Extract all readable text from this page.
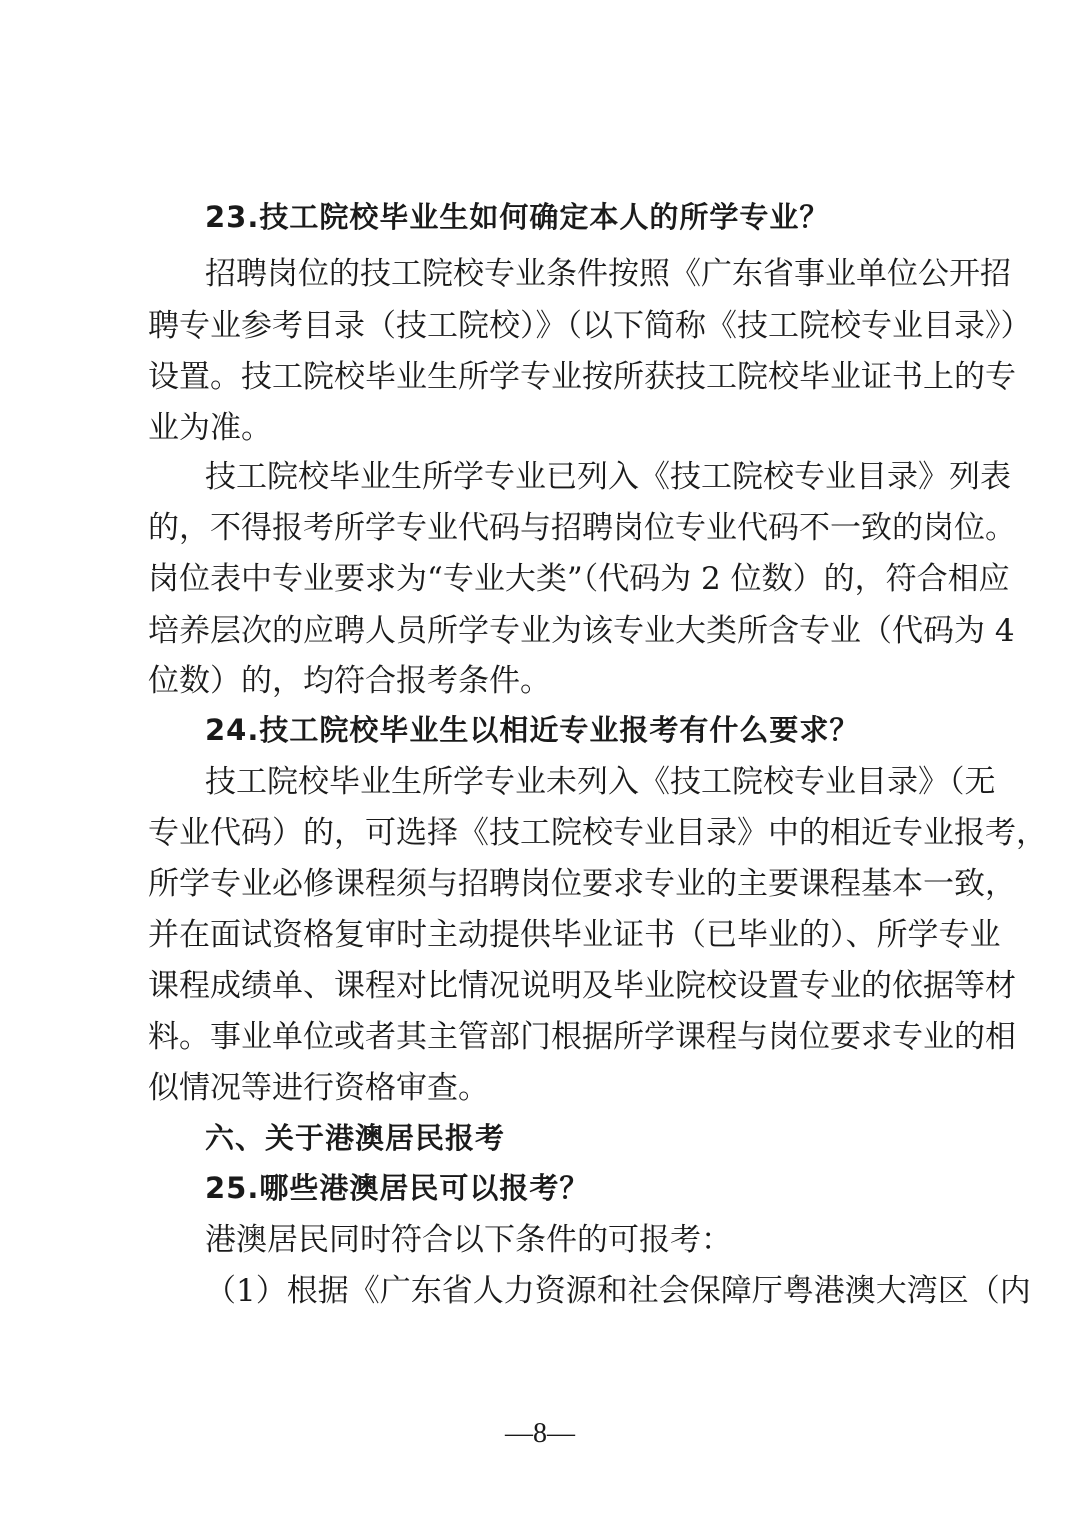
23.技工院校毕业生如何确定本人的所学专业？
招聘岗位的技工院校专业条件按照《广东省事业单位公开招
聘专业参考目录（技工院校）》（以下简称《技工院校专业目录》）
设置。技工院校毕业生所学专业按所获技工院校毕业证书上的专
业为准。
技工院校毕业生所学专业已列入《技工院校专业目录》列表
的，不得报考所学专业代码与招聘岗位专业代码不一致的岗位。
岗位表中专业要求为“专业大类”（代码为 2 位数）的，符合相应
培养层次的应聘人员所学专业为该专业大类所含专业（代码为 4
位数）的，均符合报考条件。
24.技工院校毕业生以相近专业报考有什么要求？
技工院校毕业生所学专业未列入《技工院校专业目录》（无
专业代码）的，可选择《技工院校专业目录》中的相近专业报考，
所学专业必修课程须与招聘岗位要求专业的主要课程基本一致，
并在面试资格复审时主动提供毕业证书（已毕业的）、所学专业
课程成绩单、课程对比情况说明及毕业院校设置专业的依据等材
料。事业单位或者其主管部门根据所学课程与岗位要求专业的相
似情况等进行资格审查。
六、关于港澳居民报考
25.哪些港澳居民可以报考？
港澳居民同时符合以下条件的可报考：
（1）根据《广东省人力资源和社会保障厅粤港澳大湾区（内
—8—
